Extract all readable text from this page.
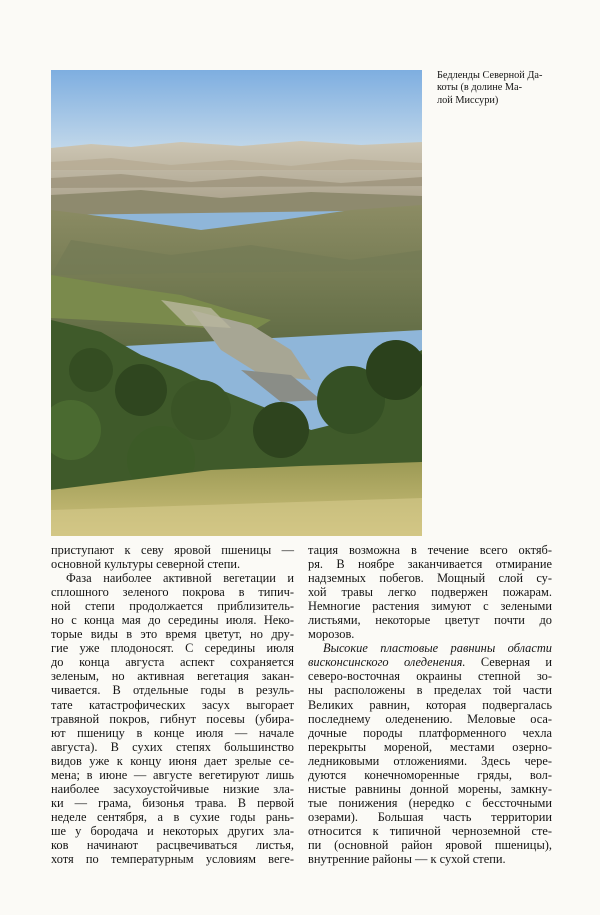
Бедленды Северной Да-
коты (в долине Ма-
лой Миссури)
приступают к севу яровой пшеницы —
основной культуры северной степи.
Фаза наиболее активной вегетации и
сплошного зеленого покрова в типич-
ной степи продолжается приблизитель-
но с конца мая до середины июля. Неко-
торые виды в это время цветут, но дру-
гие уже плодоносят. С середины июля
до конца августа аспект сохраняется
зеленым, но активная вегетация закан-
чивается. В отдельные годы в резуль-
тате катастрофических засух выгорает
травяной покров, гибнут посевы (убира-
ют пшеницу в конце июля — начале
августа). В сухих степях большинство
видов уже к концу июня дает зрелые се-
мена; в июне — августе вегетируют лишь
наиболее засухоустойчивые низкие зла-
ки — грама, бизонья трава. В первой
неделе сентября, а в сухие годы рань-
ше у бородача и некоторых других зла-
ков начинают расцвечиваться листья,
хотя по температурным условиям веге-
тация возможна в течение всего октяб-
ря. В ноябре заканчивается отмирание
надземных побегов. Мощный слой су-
хой травы легко подвержен пожарам.
Немногие растения зимуют с зелеными
листьями, некоторые цветут почти до
морозов.
Высокие пластовые равнины области
висконсинского оледенения. Северная и
северо-восточная окраины степной зо-
ны расположены в пределах той части
Великих равнин, которая подвергалась
последнему оледенению. Меловые оса-
дочные породы платформенного чехла
перекрыты мореной, местами озерно-
ледниковыми отложениями. Здесь чере-
дуются конечноморенные гряды, вол-
нистые равнины донной морены, замкну-
тые понижения (нередко с бессточными
озерами). Большая часть территории
относится к типичной черноземной сте-
пи (основной район яровой пшеницы),
внутренние районы — к сухой степи.
